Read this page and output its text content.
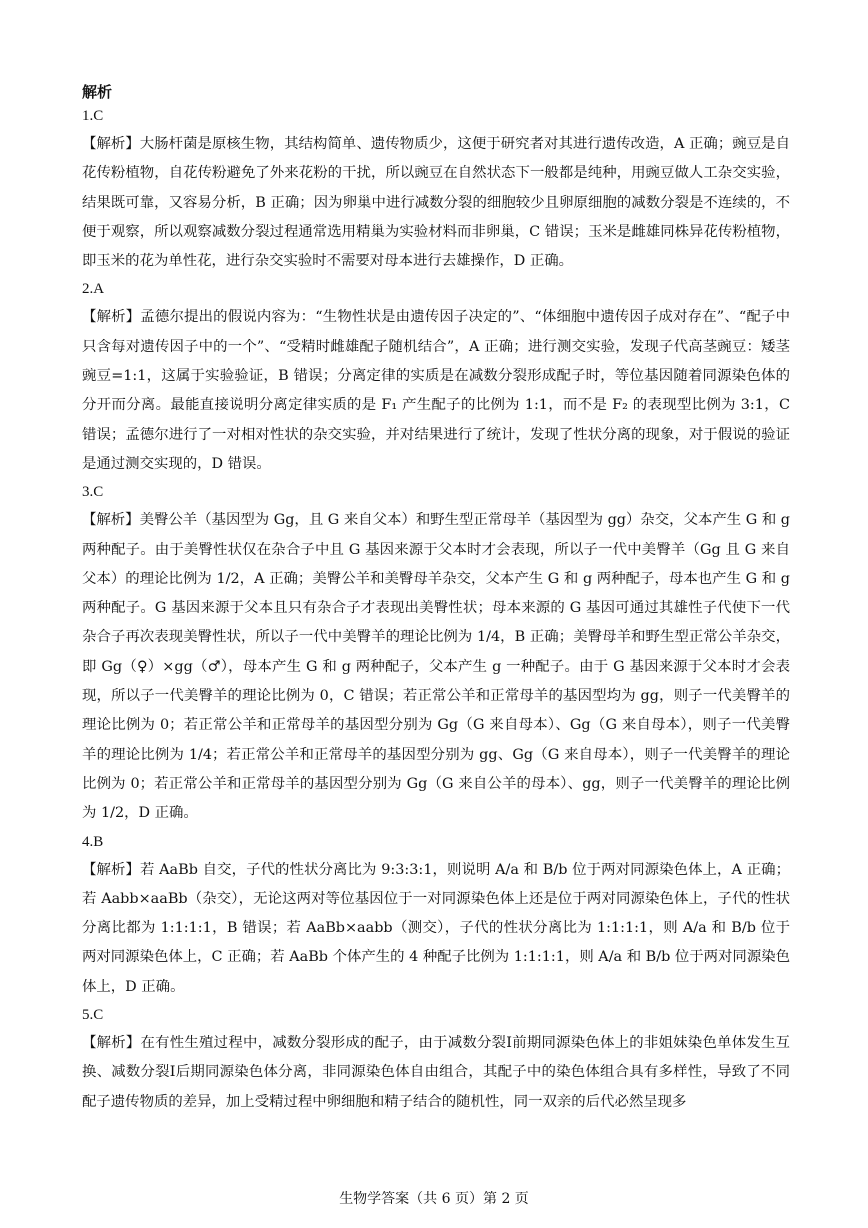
解析
1.C

【解析】大肠杆菌是原核生物，其结构简单、遗传物质少，这便于研究者对其进行遗传改造，A 正确；豌豆是自花传粉植物，自花传粉避免了外来花粉的干扰，所以豌豆在自然状态下一般都是纯种，用豌豆做人工杂交实验，结果既可靠，又容易分析，B 正确；因为卵巢中进行减数分裂的细胞较少且卵原细胞的减数分裂是不连续的，不便于观察，所以观察减数分裂过程通常选用精巢为实验材料而非卵巢，C 错误；玉米是雌雄同株异花传粉植物，即玉米的花为单性花，进行杂交实验时不需要对母本进行去雄操作，D 正确。

2.A

【解析】孟德尔提出的假说内容为：“生物性状是由遗传因子决定的”、“体细胞中遗传因子成对存在”、“配子中只含每对遗传因子中的一个”、“受精时雌雄配子随机结合”，A 正确；进行测交实验，发现子代高茎豌豆：矮茎豌豆=1:1，这属于实验验证，B 错误；分离定律的实质是在减数分裂形成配子时，等位基因随着同源染色体的分开而分离。最能直接说明分离定律实质的是 F₁ 产生配子的比例为 1:1，而不是 F₂ 的表现型比例为 3:1，C 错误；孟德尔进行了一对相对性状的杂交实验，并对结果进行了统计，发现了性状分离的现象，对于假说的验证是通过测交实现的，D 错误。

3.C

【解析】美臀公羊（基因型为 Gg，且 G 来自父本）和野生型正常母羊（基因型为 gg）杂交，父本产生 G 和 g 两种配子。由于美臀性状仅在杂合子中且 G 基因来源于父本时才会表现，所以子一代中美臀羊（Gg 且 G 来自父本）的理论比例为 1/2，A 正确；美臀公羊和美臀母羊杂交，父本产生 G 和 g 两种配子，母本也产生 G 和 g 两种配子。G 基因来源于父本且只有杂合子才表现出美臀性状；母本来源的 G 基因可通过其雄性子代使下一代杂合子再次表现美臀性状，所以子一代中美臀羊的理论比例为 1/4，B 正确；美臀母羊和野生型正常公羊杂交，即 Gg（♀）×gg（♂），母本产生 G 和 g 两种配子，父本产生 g 一种配子。由于 G 基因来源于父本时才会表现，所以子一代美臀羊的理论比例为 0，C 错误；若正常公羊和正常母羊的基因型均为 gg，则子一代美臀羊的理论比例为 0；若正常公羊和正常母羊的基因型分别为 Gg（G 来自母本）、Gg（G 来自母本），则子一代美臀羊的理论比例为 1/4；若正常公羊和正常母羊的基因型分别为 gg、Gg（G 来自母本），则子一代美臀羊的理论比例为 0；若正常公羊和正常母羊的基因型分别为 Gg（G 来自公羊的母本）、gg，则子一代美臀羊的理论比例为 1/2，D 正确。

4.B

【解析】若 AaBb 自交，子代的性状分离比为 9:3:3:1，则说明 A/a 和 B/b 位于两对同源染色体上，A 正确；若 Aabb×aaBb（杂交），无论这两对等位基因位于一对同源染色体上还是位于两对同源染色体上，子代的性状分离比都为 1:1:1:1，B 错误；若 AaBb×aabb（测交），子代的性状分离比为 1:1:1:1，则 A/a 和 B/b 位于两对同源染色体上，C 正确；若 AaBb 个体产生的 4 种配子比例为 1:1:1:1，则 A/a 和 B/b 位于两对同源染色体上，D 正确。

5.C

【解析】在有性生殖过程中，减数分裂形成的配子，由于减数分裂Ⅰ前期同源染色体上的非姐妹染色单体发生互换、减数分裂Ⅰ后期同源染色体分离，非同源染色体自由组合，其配子中的染色体组合具有多样性，导致了不同配子遗传物质的差异，加上受精过程中卵细胞和精子结合的随机性，同一双亲的后代必然呈现多

生物学答案（共 6 页）第 2 页
